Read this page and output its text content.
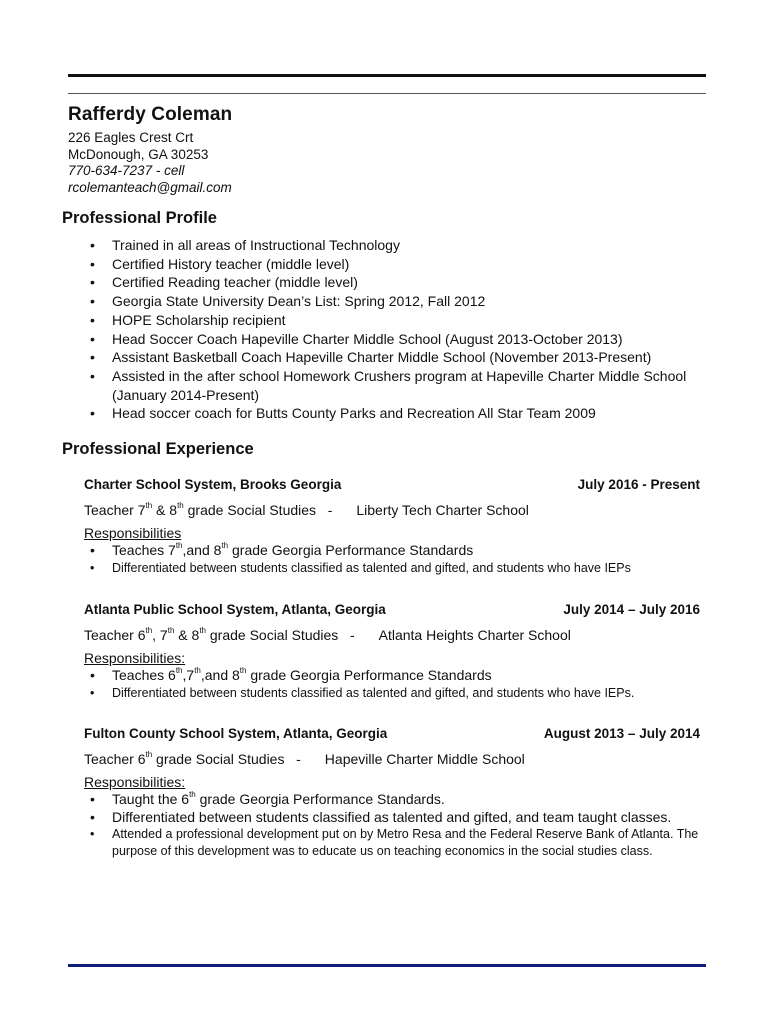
Rafferdy Coleman
226 Eagles Crest Crt
McDonough, GA 30253
770-634-7237 - cell
rcolemanteach@gmail.com
Professional Profile
• Trained in all areas of Instructional Technology
• Certified History teacher (middle level)
• Certified Reading teacher (middle level)
• Georgia State University Dean’s List: Spring 2012, Fall 2012
• HOPE Scholarship recipient
• Head Soccer Coach Hapeville Charter Middle School (August 2013-October 2013)
• Assistant Basketball Coach Hapeville Charter Middle School (November 2013-Present)
• Assisted in the after school Homework Crushers program at Hapeville Charter Middle School (January 2014-Present)
• Head soccer coach for Butts County Parks and Recreation All Star Team 2009
Professional Experience
Charter School System, Brooks Georgia	July 2016 - Present
Teacher 7th & 8th grade Social Studies   - Liberty Tech Charter School
Responsibilities
• Teaches 7th,and 8th grade Georgia Performance Standards
• Differentiated between students classified as talented and gifted, and students who have IEPs
Atlanta Public School System, Atlanta, Georgia	July 2014 – July 2016
Teacher 6th, 7th & 8th grade Social Studies   - Atlanta Heights Charter School
Responsibilities:
• Teaches 6th,7th,and 8th grade Georgia Performance Standards
• Differentiated between students classified as talented and gifted, and students who have IEPs.
Fulton County School System, Atlanta, Georgia	August 2013 – July 2014
Teacher 6th grade Social Studies   - Hapeville Charter Middle School
Responsibilities:
• Taught the 6th grade Georgia Performance Standards.
• Differentiated between students classified as talented and gifted, and team taught classes.
• Attended a professional development put on by Metro Resa and the Federal Reserve Bank of Atlanta. The purpose of this development was to educate us on teaching economics in the social studies class.
